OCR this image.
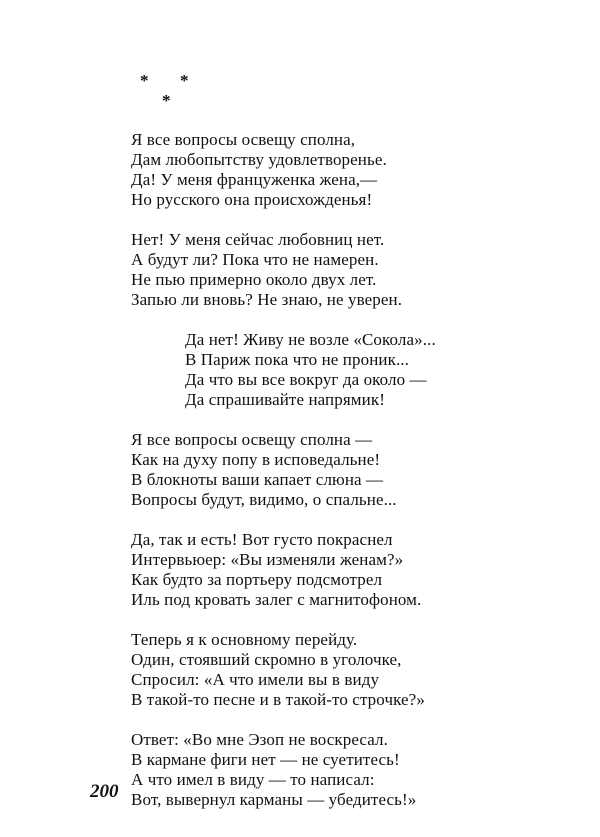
* *
*
Я все вопросы освещу сполна,
Дам любопытству удовлетворенье.
Да! У меня француженка жена,—
Но русского она происхожденья!
Нет! У меня сейчас любовниц нет.
А будут ли? Пока что не намерен.
Не пью примерно около двух лет.
Запью ли вновь? Не знаю, не уверен.
Да нет! Живу не возле «Сокола»...
В Париж пока что не проник...
Да что вы все вокруг да около —
Да спрашивайте напрямик!
Я все вопросы освещу сполна —
Как на духу попу в исповедальне!
В блокноты ваши капает слюна —
Вопросы будут, видимо, о спальне...
Да, так и есть! Вот густо покраснел
Интервьюер: «Вы изменяли женам?»
Как будто за портьеру подсмотрел
Иль под кровать залег с магнитофоном.
Теперь я к основному перейду.
Один, стоявший скромно в уголочке,
Спросил: «А что имели вы в виду
В такой-то песне и в такой-то строчке?»
Ответ: «Во мне Эзоп не воскресал.
В кармане фиги нет — не суетитесь!
А что имел в виду — то написал:
Вот, вывернул карманы — убедитесь!»
200
